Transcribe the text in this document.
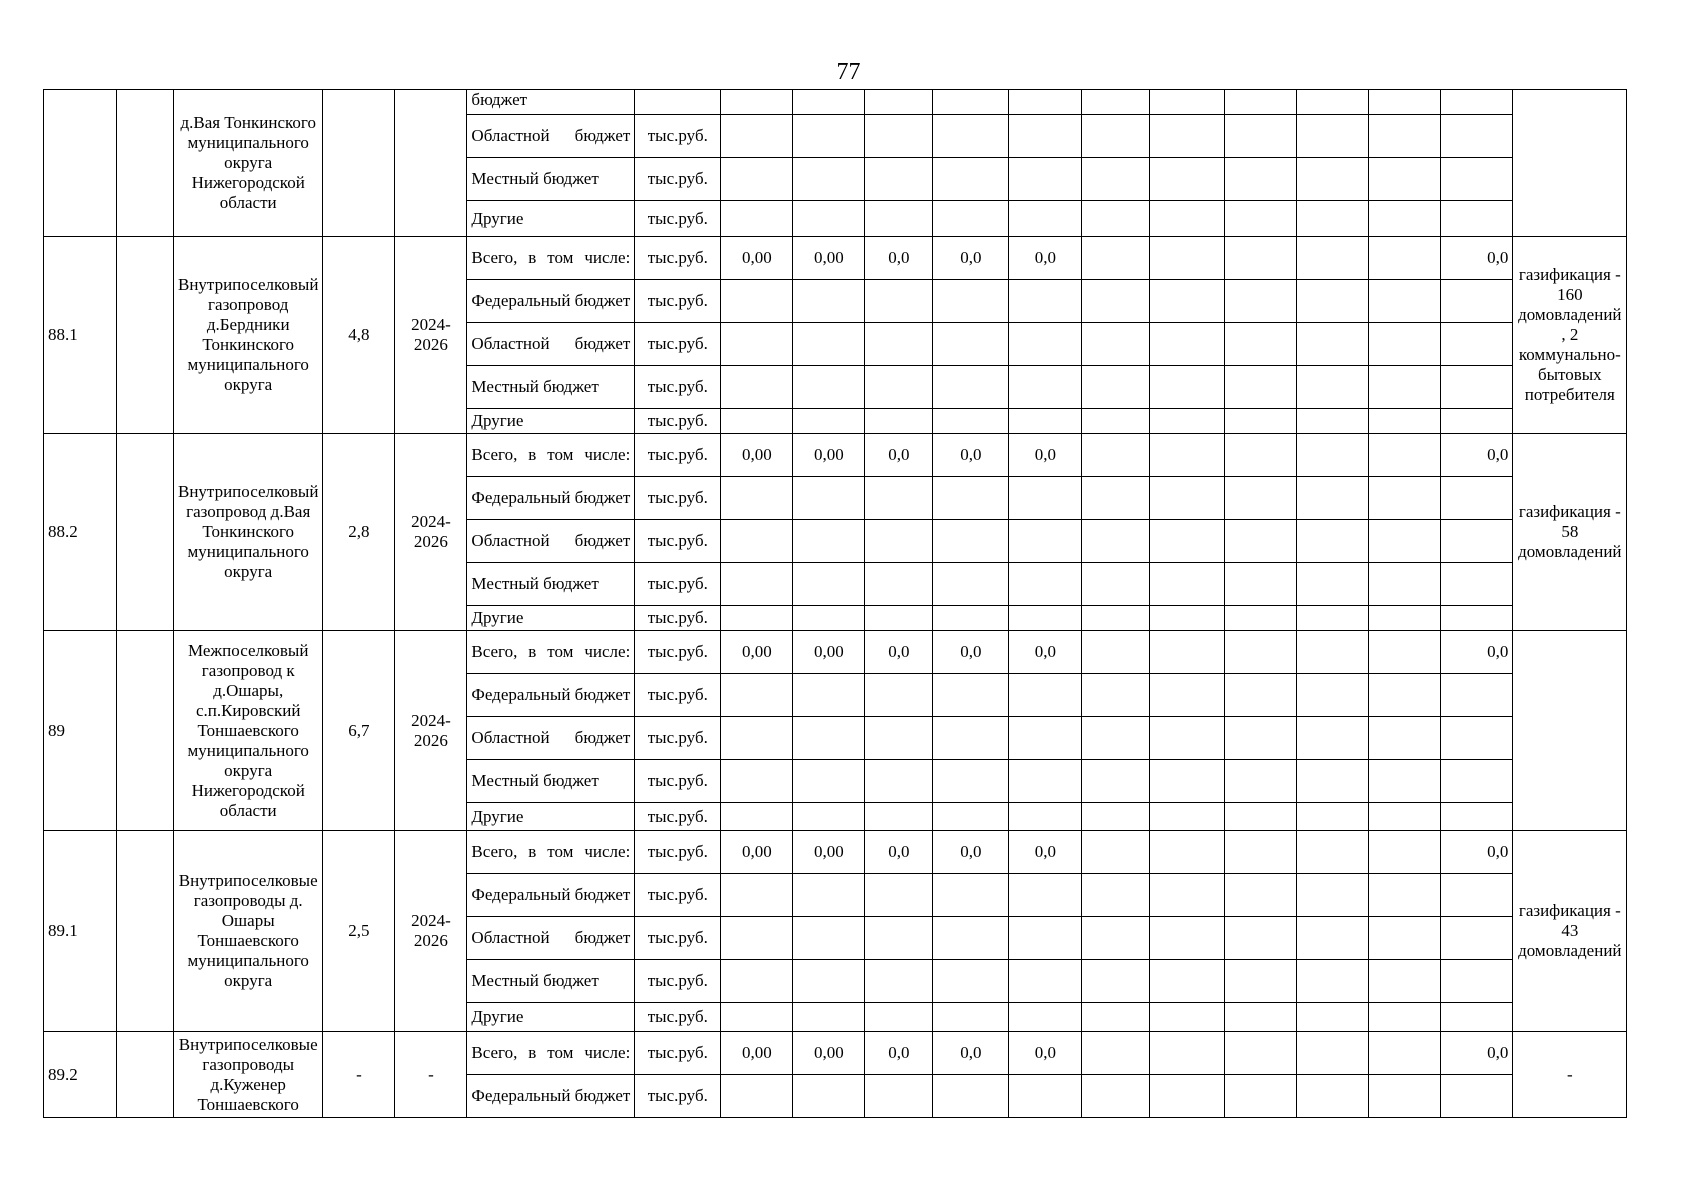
77
		д.Вая Тонкинского муниципального округа Нижегородской области			бюджет													
					Областной бюджет	тыс.руб.												
					Местный бюджет	тыс.руб.												
					Другие	тыс.руб.												
88.1		Внутрипоселковый газопровод д.Бердники Тонкинского муниципального округа	4,8	2024-2026	Всего, в том числе:	тыс.руб.	0,00	0,00	0,0	0,0	0,0						0,0	газификация - 160 домовладений , 2 коммунально-бытовых потребителя
					Федеральный бюджет	тыс.руб.												
					Областной бюджет	тыс.руб.												
					Местный бюджет	тыс.руб.												
					Другие	тыс.руб.												
88.2		Внутрипоселковый газопровод д.Вая Тонкинского муниципального округа	2,8	2024-2026	Всего, в том числе:	тыс.руб.	0,00	0,00	0,0	0,0	0,0						0,0	газификация - 58 домовладений
					Федеральный бюджет	тыс.руб.												
					Областной бюджет	тыс.руб.												
					Местный бюджет	тыс.руб.												
					Другие	тыс.руб.												
89		Межпоселковый газопровод к д.Ошары, с.п.Кировский Тоншаевского муниципального округа Нижегородской области	6,7	2024-2026	Всего, в том числе:	тыс.руб.	0,00	0,00	0,0	0,0	0,0						0,0	
					Федеральный бюджет	тыс.руб.												
					Областной бюджет	тыс.руб.												
					Местный бюджет	тыс.руб.												
					Другие	тыс.руб.												
89.1		Внутрипоселковые газопроводы д. Ошары Тоншаевского муниципального округа	2,5	2024-2026	Всего, в том числе:	тыс.руб.	0,00	0,00	0,0	0,0	0,0						0,0	газификация - 43 домовладений
					Федеральный бюджет	тыс.руб.												
					Областной бюджет	тыс.руб.												
					Местный бюджет	тыс.руб.												
					Другие	тыс.руб.												
89.2		Внутрипоселковые газопроводы д.Куженер Тоншаевского	-	-	Всего, в том числе:	тыс.руб.	0,00	0,00	0,0	0,0	0,0						0,0	-
					Федеральный бюджет	тыс.руб.												
